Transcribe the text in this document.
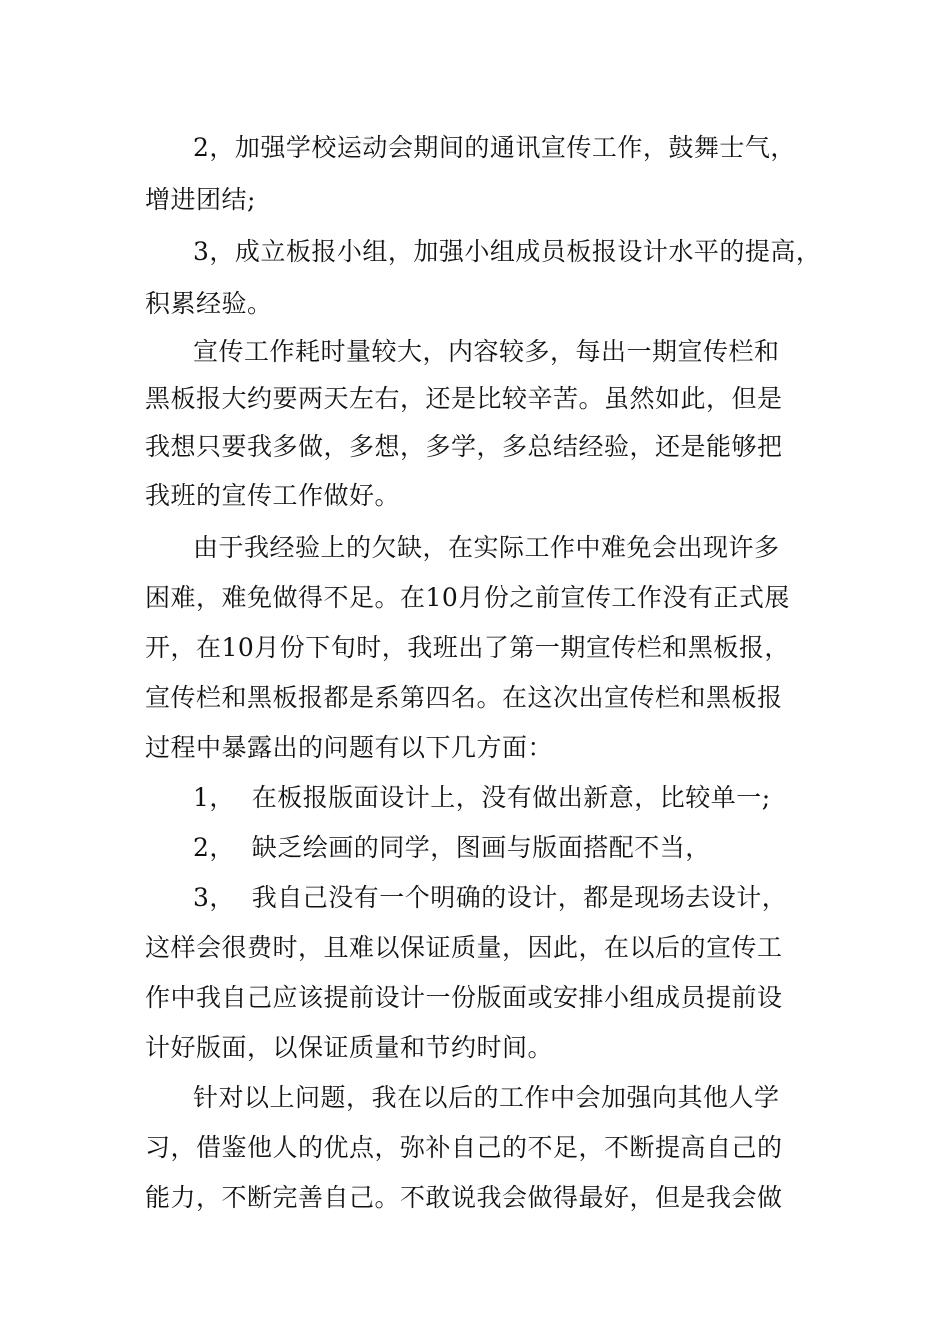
2，加强学校运动会期间的通讯宣传工作，鼓舞士气，
增进团结;
3，成立板报小组，加强小组成员板报设计水平的提高，
积累经验。
宣传工作耗时量较大，内容较多，每出一期宣传栏和
黑板报大约要两天左右，还是比较辛苦。虽然如此，但是
我想只要我多做，多想，多学，多总结经验，还是能够把
我班的宣传工作做好。
由于我经验上的欠缺，在实际工作中难免会出现许多
困难，难免做得不足。在10月份之前宣传工作没有正式展
开，在10月份下旬时，我班出了第一期宣传栏和黑板报，
宣传栏和黑板报都是系第四名。在这次出宣传栏和黑板报
过程中暴露出的问题有以下几方面：
1，  在板报版面设计上，没有做出新意，比较单一;
2，  缺乏绘画的同学，图画与版面搭配不当，
3，  我自己没有一个明确的设计，都是现场去设计，
这样会很费时，且难以保证质量，因此，在以后的宣传工
作中我自己应该提前设计一份版面或安排小组成员提前设
计好版面，以保证质量和节约时间。
针对以上问题，我在以后的工作中会加强向其他人学
习，借鉴他人的优点，弥补自己的不足，不断提高自己的
能力，不断完善自己。不敢说我会做得最好，但是我会做
